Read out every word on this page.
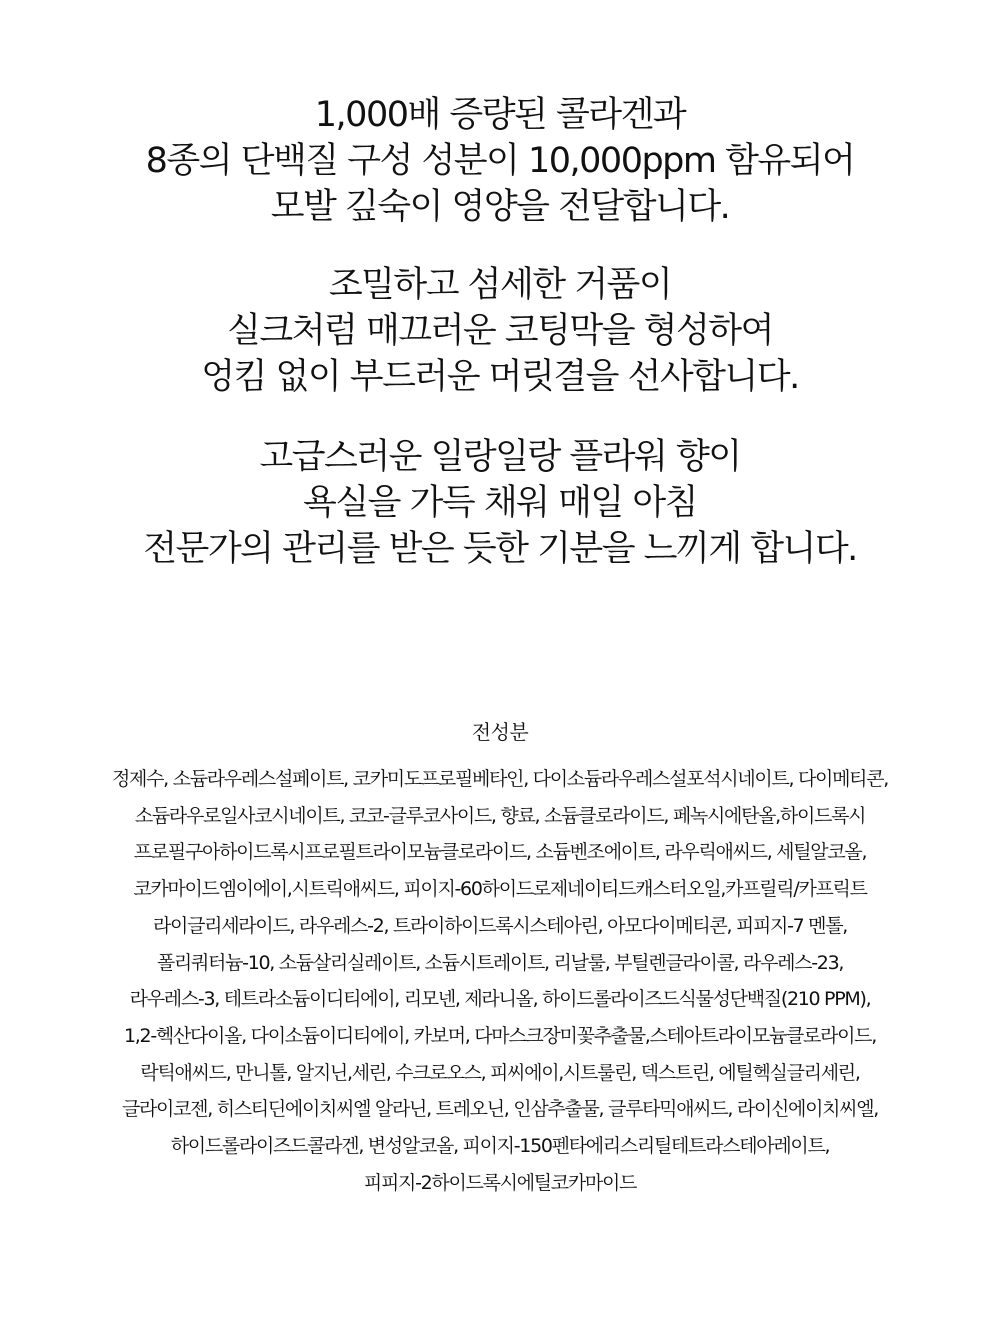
1,000배 증량된 콜라겐과
8종의 단백질 구성 성분이 10,000ppm 함유되어
모발 깊숙이 영양을 전달합니다.
조밀하고 섬세한 거품이
실크처럼 매끄러운 코팅막을 형성하여
엉킴 없이 부드러운 머릿결을 선사합니다.
고급스러운 일랑일랑 플라워 향이
욕실을 가득 채워 매일 아침
전문가의 관리를 받은 듯한 기분을 느끼게 합니다.
전성분
정제수, 소듐라우레스설페이트, 코카미도프로필베타인, 다이소듐라우레스설포석시네이트, 다이메티콘,
소듐라우로일사코시네이트, 코코-글루코사이드, 향료, 소듐클로라이드, 페녹시에탄올,하이드록시
프로필구아하이드록시프로필트라이모늄클로라이드, 소듐벤조에이트, 라우릭애씨드, 세틸알코올,
코카마이드엠이에이,시트릭애씨드, 피이지-60하이드로제네이티드캐스터오일,카프릴릭/카프릭트
라이글리세라이드, 라우레스-2, 트라이하이드록시스테아린, 아모다이메티콘, 피피지-7 멘톨,
폴리쿼터늄-10, 소듐살리실레이트, 소듐시트레이트, 리날룰, 부틸렌글라이콜, 라우레스-23,
라우레스-3, 테트라소듐이디티에이, 리모넨, 제라니올, 하이드롤라이즈드식물성단백질(210 PPM),
1,2-헥산다이올, 다이소듐이디티에이, 카보머, 다마스크장미꽃추출물,스테아트라이모늄클로라이드,
락틱애씨드, 만니톨, 알지닌,세린, 수크로오스, 피씨에이,시트룰린, 덱스트린, 에틸헥실글리세린,
글라이코젠, 히스티딘에이치씨엘 알라닌, 트레오닌, 인삼추출물, 글루타믹애씨드, 라이신에이치씨엘,
하이드롤라이즈드콜라겐, 변성알코올, 피이지-150펜타에리스리틸테트라스테아레이트,
피피지-2하이드록시에틸코카마이드
